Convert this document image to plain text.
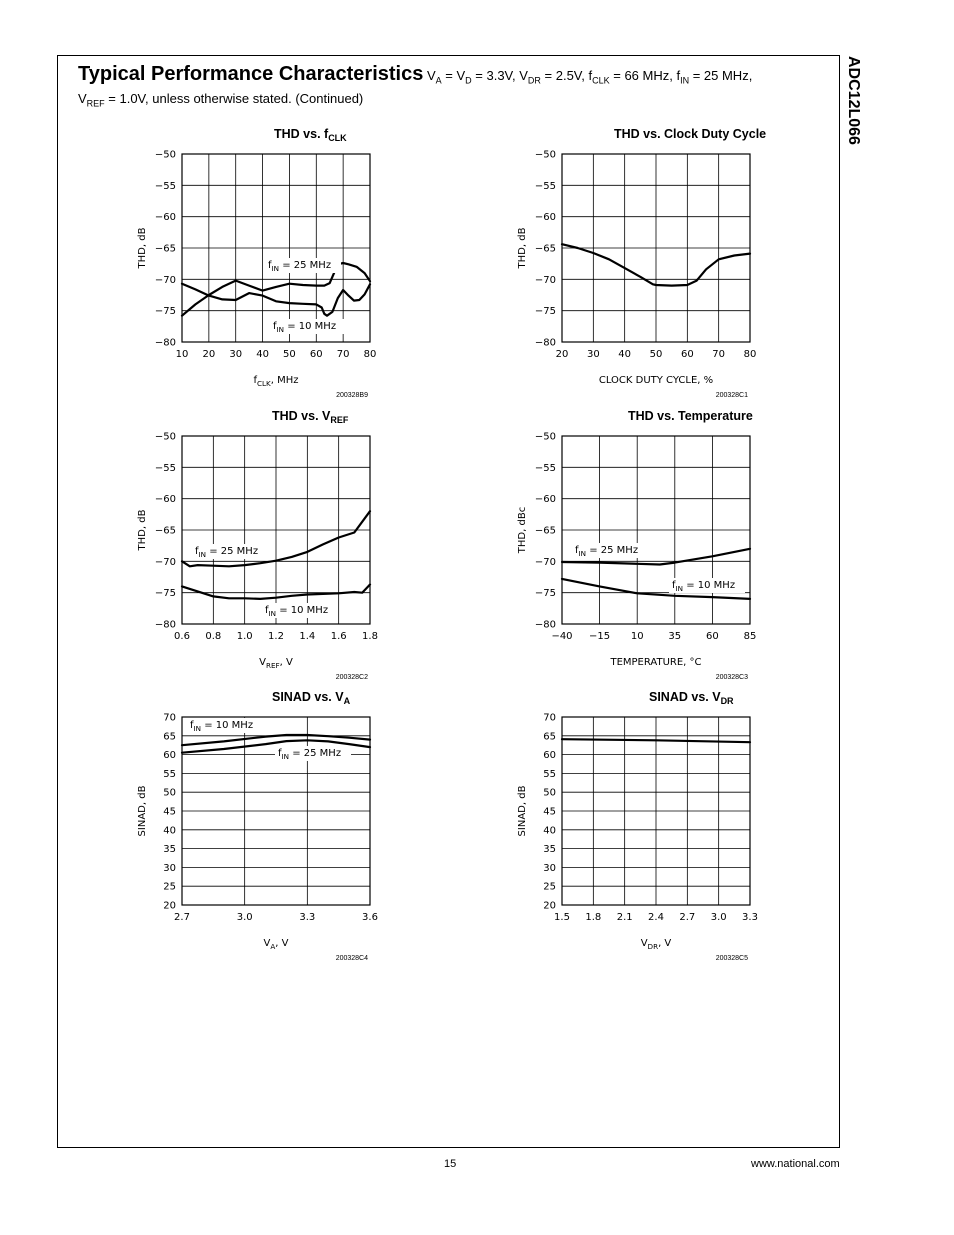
ADC12L066
Typical Performance Characteristics $V_A = V_D = 3.3V$, $V_{DR} = 2.5V$, $f_{CLK} = 66$ MHz, $f_{IN} = 25$ MHz,
$V_{REF} = 1.0V$, unless otherwise stated. (Continued)
THD vs. $f_{CLK}$
10 20 30 40 50 60 70 80
−50
−55
−60
−65
−70
−75
−80
$f_{CLK}$, MHz
THD, dB
200328B9
$f_{IN} = 25$ MHz
$f_{IN} = 10$ MHz
THD vs. Clock Duty Cycle
20 30 40 50 60 70 80
−50
−55
−60
−65
−70
−75
−80
CLOCK DUTY CYCLE, %
THD, dB
200328C1
THD vs. $V_{REF}$
0.6 0.8 1.0 1.2 1.4 1.6 1.8
−50
−55
−60
−65
−70
−75
−80
$V_{REF}$, V
THD, dB
200328C2
$f_{IN} = 25$ MHz
$f_{IN} = 10$ MHz
THD vs. Temperature
−40 −15 10 35 60 85
−50
−55
−60
−65
−70
−75
−80
TEMPERATURE, °C
THD, dBc
200328C3
$f_{IN} = 25$ MHz
$f_{IN} = 10$ MHz
SINAD vs. $V_A$
2.7	3.0	3.3	3.6
70
65
60
55
50
45
40
35
30
25
20
$V_A$, V
SINAD, dB
200328C4
$f_{IN} = 10$ MHz
$f_{IN} = 25$ MHz
SINAD vs. $V_{DR}$
1.5 1.8 2.1 2.4 2.7 3.0 3.3
70
65
60
55
50
45
40
35
30
25
20
$V_{DR}$, V
SINAD, dB
200328C5
15	www.national.com
